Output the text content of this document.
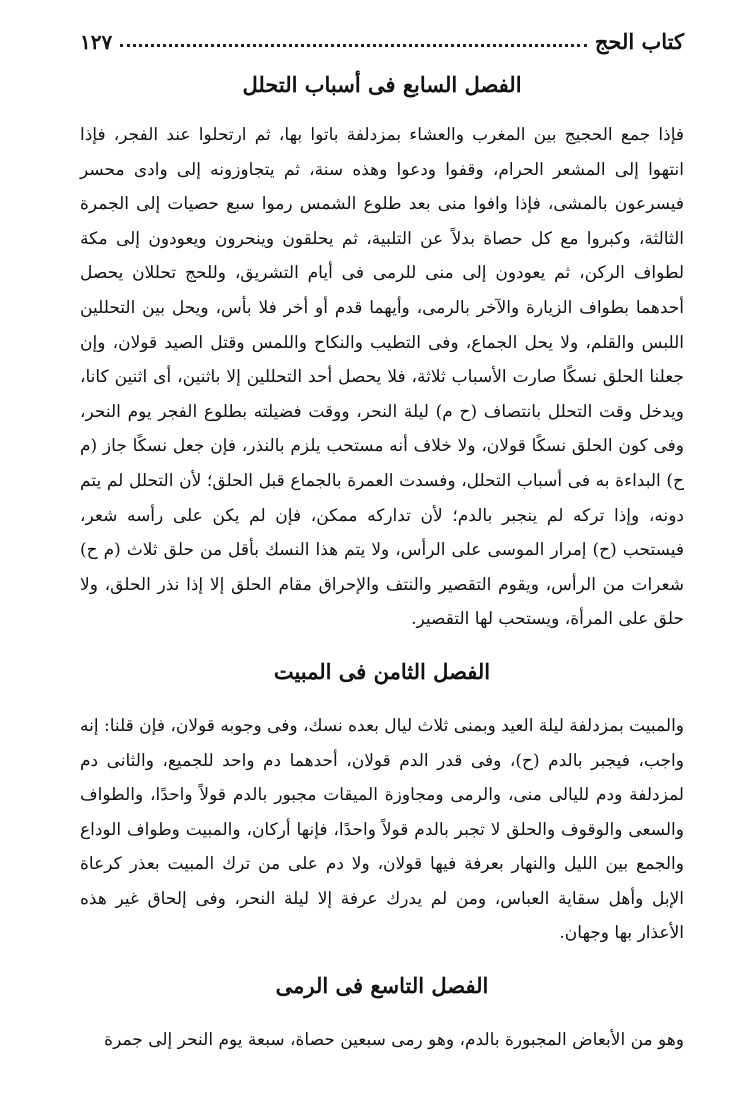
كتاب الحج
١٢٧
الفصل السابع فى أسباب التحلل

فإذا جمع الحجيج بين المغرب والعشاء بمزدلفة باتوا بها، ثم ارتحلوا عند الفجر، فإذا انتهوا إلى المشعر الحرام، وقفوا ودعوا وهذه سنة، ثم يتجاوزونه إلى وادى محسر فيسرعون بالمشى، فإذا وافوا منى بعد طلوع الشمس رموا سبع حصيات إلى الجمرة الثالثة، وكبروا مع كل حصاة بدلاً عن التلبية، ثم يحلقون وينحرون ويعودون إلى مكة لطواف الركن، ثم يعودون إلى منى للرمى فى أيام التشريق، وللحج تحللان يحصل أحدهما بطواف الزيارة والآخر بالرمى، وأيهما قدم أو أخر فلا بأس، ويحل بين التحللين اللبس والقلم، ولا يحل الجماع، وفى التطيب والنكاح واللمس وقتل الصيد قولان، وإن جعلنا الحلق نسكًا صارت الأسباب ثلاثة، فلا يحصل أحد التحللين إلا باثنين، أى اثنين كانا، ويدخل وقت التحلل بانتصاف (ح م) ليلة النحر، ووقت فضيلته بطلوع الفجر يوم النحر، وفى كون الحلق نسكًا قولان، ولا خلاف أنه مستحب يلزم بالنذر، فإن جعل نسكًا جاز (م ح) البداءة به فى أسباب التحلل، وفسدت العمرة بالجماع قبل الحلق؛ لأن التحلل لم يتم دونه، وإذا تركه لم ينجبر بالدم؛ لأن تداركه ممكن، فإن لم يكن على رأسه شعر، فيستحب (ح) إمرار الموسى على الرأس، ولا يتم هذا النسك بأقل من حلق ثلاث (م ح) شعرات من الرأس، ويقوم التقصير والنتف والإحراق مقام الحلق إلا إذا نذر الحلق، ولا حلق على المرأة، ويستحب لها التقصير.

الفصل الثامن فى المبيت

والمبيت بمزدلفة ليلة العيد وبمنى ثلاث ليال بعده نسك، وفى وجوبه قولان، فإن قلنا: إنه واجب، فيجبر بالدم (ح)، وفى قدر الدم قولان، أحدهما دم واحد للجميع، والثانى دم لمزدلفة ودم لليالى منى، والرمى ومجاوزة الميقات مجبور بالدم قولاً واحدًا، والطواف والسعى والوقوف والحلق لا تجبر بالدم قولاً واحدًا، فإنها أركان، والمبيت وطواف الوداع والجمع بين الليل والنهار بعرفة فيها قولان، ولا دم على من ترك المبيت بعذر كرعاة الإبل وأهل سقاية العباس، ومن لم يدرك عرفة إلا ليلة النحر، وفى إلحاق غير هذه الأعذار بها وجهان.

الفصل التاسع فى الرمى

وهو من الأبعاض المجبورة بالدم، وهو رمى سبعين حصاة، سبعة يوم النحر إلى جمرة
